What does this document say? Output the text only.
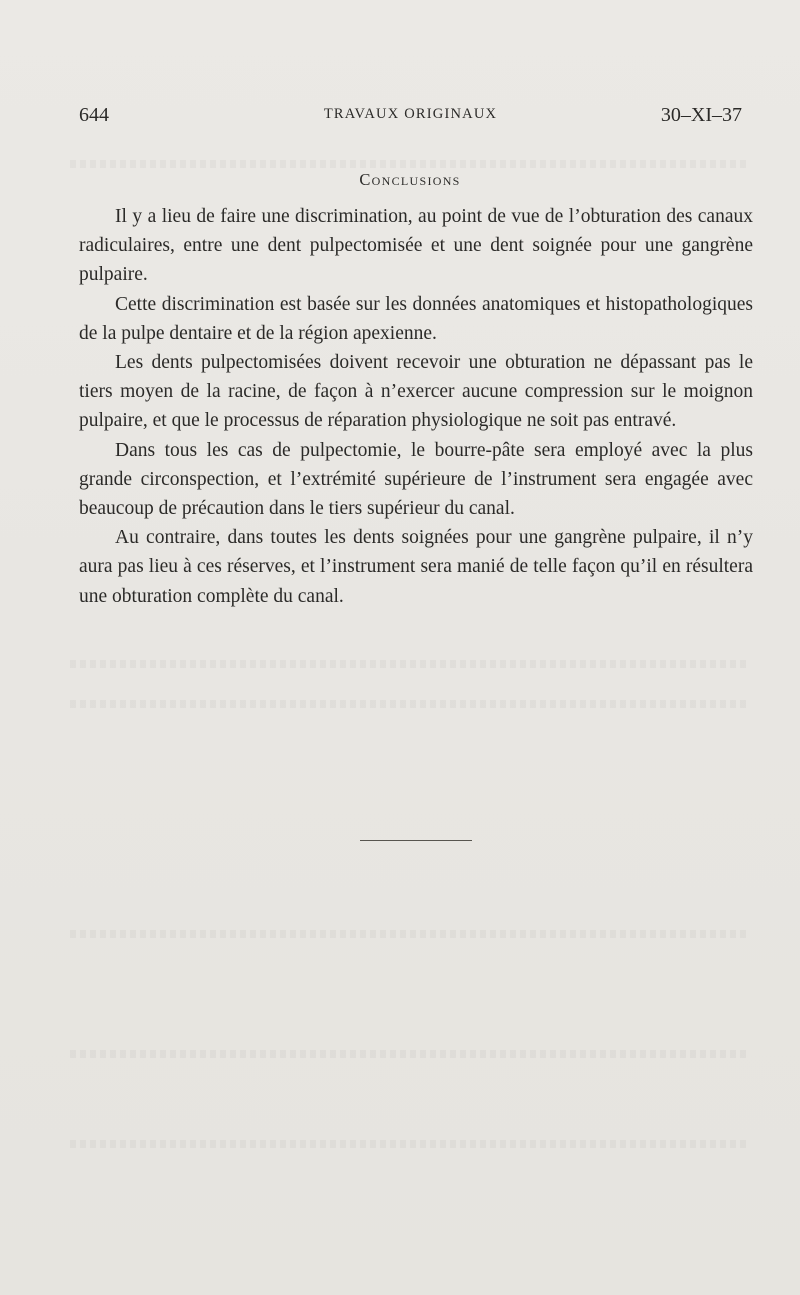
644	TRAVAUX ORIGINAUX	30–XI–37
Conclusions

Il y a lieu de faire une discrimination, au point de vue de l’obturation des canaux radiculaires, entre une dent pulpectomisée et une dent soignée pour une gangrène pulpaire.

Cette discrimination est basée sur les données anatomiques et histopathologiques de la pulpe dentaire et de la région apexienne.

Les dents pulpectomisées doivent recevoir une obturation ne dépassant pas le tiers moyen de la racine, de façon à n’exercer aucune compression sur le moignon pulpaire, et que le processus de réparation physiologique ne soit pas entravé.

Dans tous les cas de pulpectomie, le bourre-pâte sera employé avec la plus grande circonspection, et l’extrémité supérieure de l’instrument sera engagée avec beaucoup de précaution dans le tiers supérieur du canal.

Au contraire, dans toutes les dents soignées pour une gangrène pulpaire, il n’y aura pas lieu à ces réserves, et l’instrument sera manié de telle façon qu’il en résultera une obturation complète du canal.
